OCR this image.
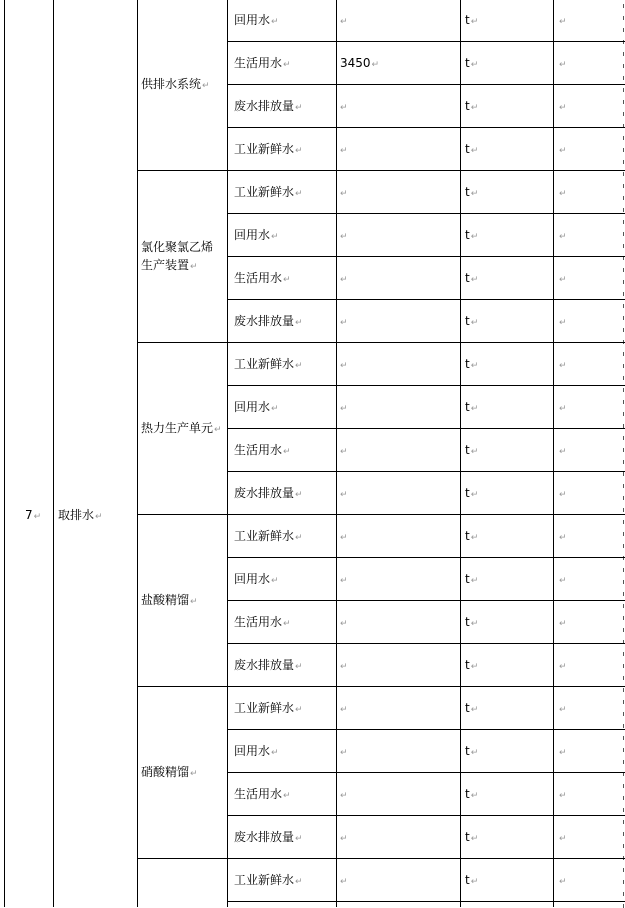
7↵ 取排水↵
供排水系统↵
回用水↵	↵	t↵	↵
生活用水↵	3450↵	t↵	↵
废水排放量↵	↵	t↵	↵
工业新鲜水↵	↵	t↵	↵
氯化聚氯乙烯
生产装置↵
工业新鲜水↵	↵	t↵	↵
回用水↵	↵	t↵	↵
生活用水↵	↵	t↵	↵
废水排放量↵	↵	t↵	↵
热力生产单元↵
工业新鲜水↵	↵	t↵	↵
回用水↵	↵	t↵	↵
生活用水↵	↵	t↵	↵
废水排放量↵	↵	t↵	↵
盐酸精馏↵
工业新鲜水↵	↵	t↵	↵
回用水↵	↵	t↵	↵
生活用水↵	↵	t↵	↵
废水排放量↵	↵	t↵	↵
硝酸精馏↵
工业新鲜水↵	↵	t↵	↵
回用水↵	↵	t↵	↵
生活用水↵	↵	t↵	↵
废水排放量↵	↵	t↵	↵
工业新鲜水↵	↵	t↵	↵
